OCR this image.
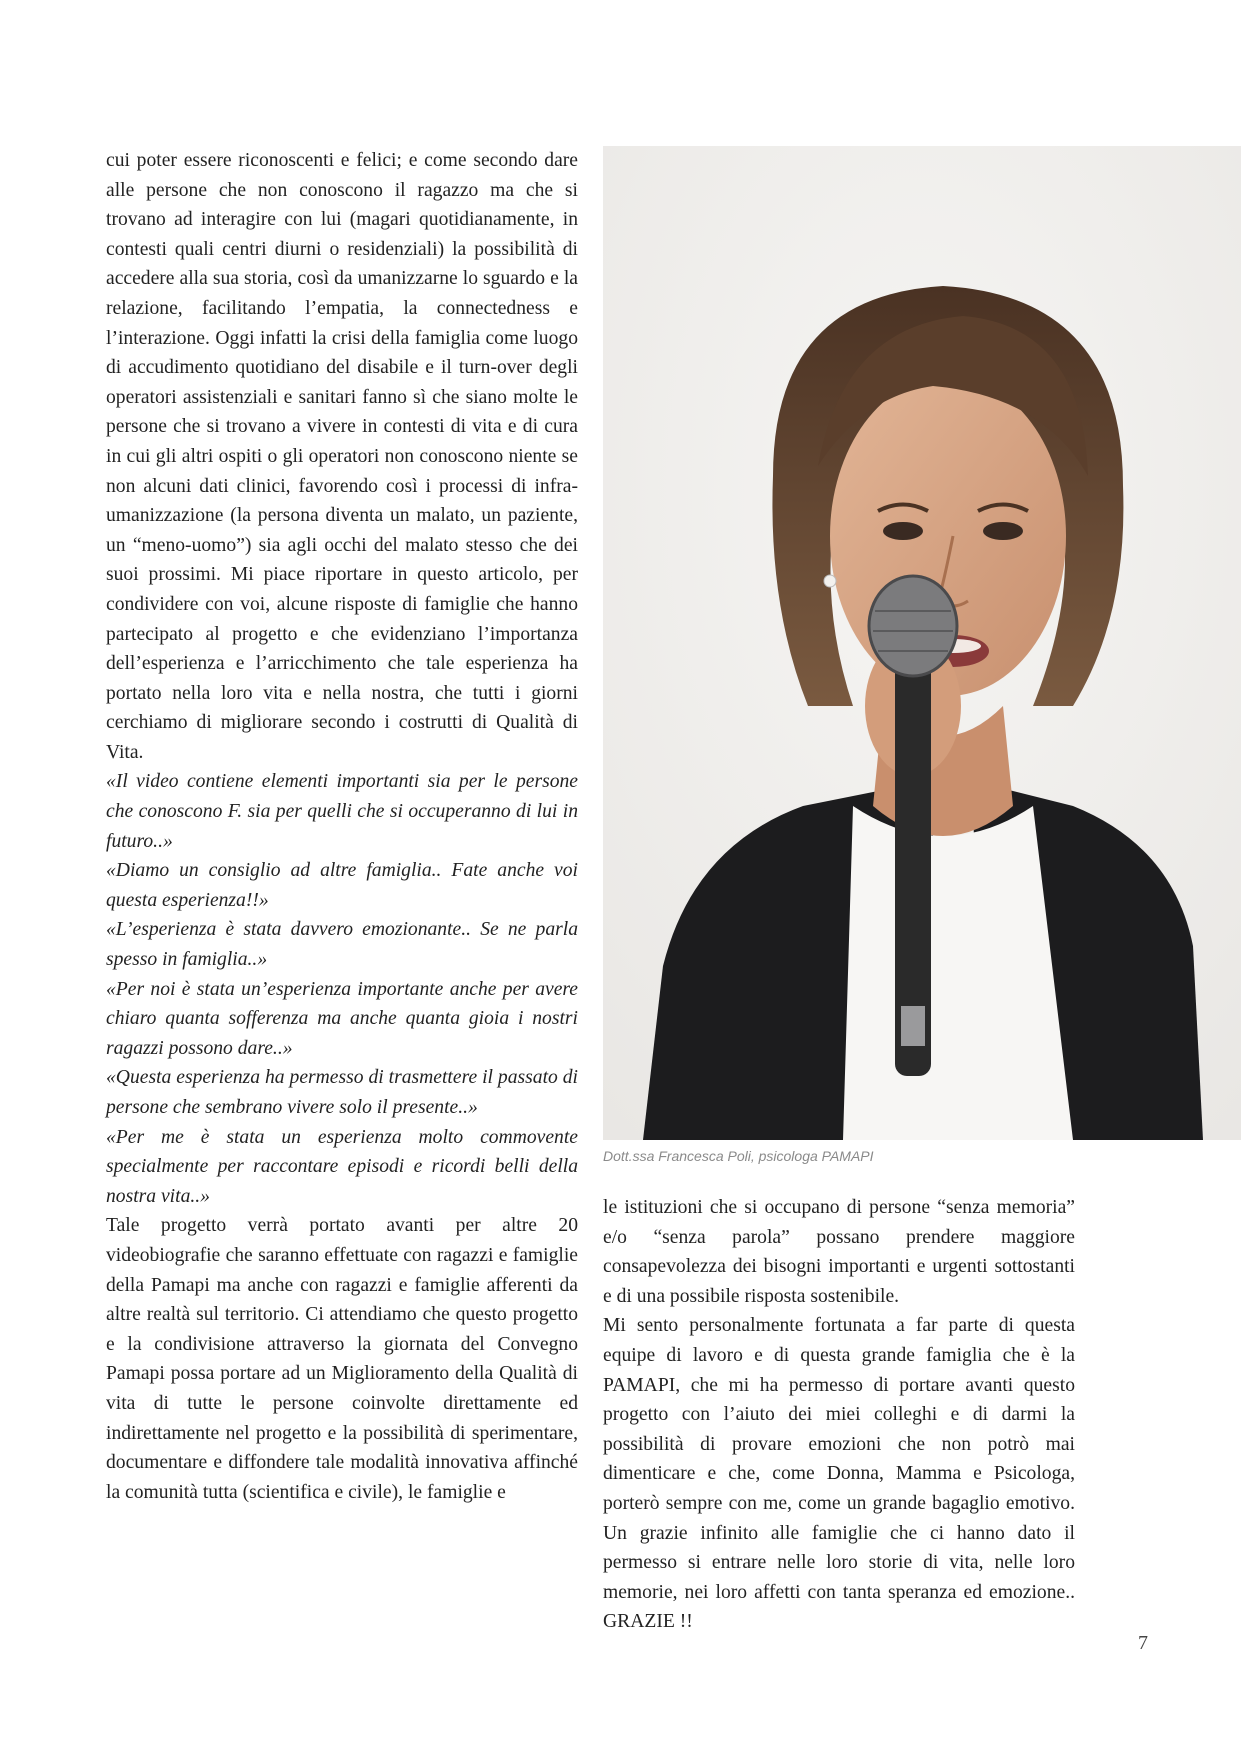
cui poter essere riconoscenti e felici; e come secondo dare alle persone che non conoscono il ragazzo ma che si trovano ad interagire con lui (magari quotidianamente, in contesti quali centri diurni o residenziali) la possibilità di accedere alla sua storia, così da umanizzarne lo sguardo e la relazione, facilitando l’empatia, la connectedness e l’interazione. Oggi infatti la crisi della famiglia come luogo di accudimento quotidiano del disabile e il turn-over degli operatori assistenziali e sanitari fanno sì che siano molte le persone che si trovano a vivere in contesti di vita e di cura in cui gli altri ospiti o gli operatori non conoscono niente se non alcuni dati clinici, favorendo così i processi di infra-umanizzazione (la persona diventa un malato, un paziente, un “meno-uomo”) sia agli occhi del malato stesso che dei suoi prossimi. Mi piace riportare in questo articolo, per condividere con voi, alcune risposte di famiglie che hanno partecipato al progetto e che evidenziano l’importanza dell’esperienza e l’arricchimento che tale esperienza ha portato nella loro vita e nella nostra, che tutti i giorni cerchiamo di migliorare secondo i costrutti di Qualità di Vita.

«Il video contiene elementi importanti sia per le persone che conoscono F. sia per quelli che si occuperanno di lui in futuro..»

«Diamo un consiglio ad altre famiglia.. Fate anche voi questa esperienza!!»

«L’esperienza è stata davvero emozionante.. Se ne parla spesso in famiglia..»

«Per noi è stata un’esperienza importante anche per avere chiaro quanta sofferenza ma anche quanta gioia i nostri ragazzi possono dare..»

«Questa esperienza ha permesso di trasmettere il passato di persone che sembrano vivere solo il presente..»

«Per me è stata un esperienza molto commovente specialmente per raccontare episodi e ricordi belli della nostra vita..»

Tale progetto verrà portato avanti per altre 20 videobiografie che saranno effettuate con ragazzi e famiglie della Pamapi ma anche con ragazzi e famiglie afferenti da altre realtà sul territorio. Ci attendiamo che questo progetto e la condivisione attraverso la giornata del Convegno Pamapi possa portare ad un Miglioramento della Qualità di vita di tutte le persone coinvolte direttamente ed indirettamente nel progetto e la possibilità di sperimentare, documentare e diffondere tale modalità innovativa affinché la comunità tutta (scientifica e civile), le famiglie e

Dott.ssa Francesca Poli, psicologa PAMAPI

le istituzioni che si occupano di persone “senza memoria” e/o “senza parola” possano prendere maggiore consapevolezza dei bisogni importanti e urgenti sottostanti e di una possibile risposta sostenibile.

Mi sento personalmente fortunata a far parte di questa equipe di lavoro e di questa grande famiglia che è la PAMAPI, che mi ha permesso di portare avanti questo progetto con l’aiuto dei miei colleghi e di darmi la possibilità di provare emozioni che non potrò mai dimenticare e che, come Donna, Mamma e Psicologa, porterò sempre con me, come un grande bagaglio emotivo. Un grazie infinito alle famiglie che ci hanno dato il permesso si entrare nelle loro storie di vita, nelle loro memorie, nei loro affetti con tanta speranza ed emozione.. GRAZIE !!

7
